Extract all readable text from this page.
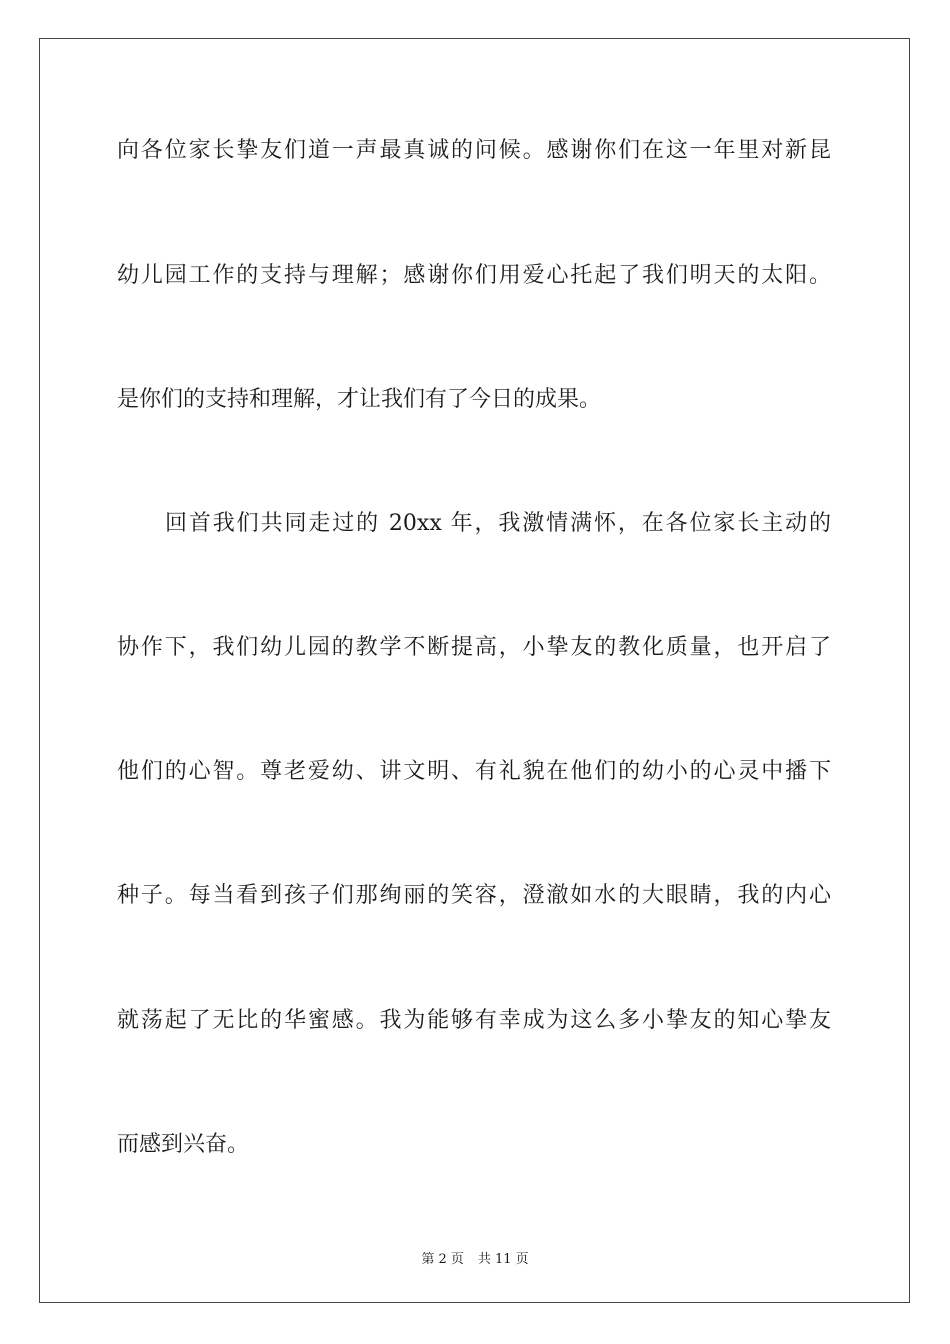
向各位家长挚友们道一声最真诚的问候。感谢你们在这一年里对新昆

幼儿园工作的支持与理解；感谢你们用爱心托起了我们明天的太阳。

是你们的支持和理解，才让我们有了今日的成果。

回首我们共同走过的 20xx 年，我激情满怀，在各位家长主动的

协作下，我们幼儿园的教学不断提高，小挚友的教化质量，也开启了

他们的心智。尊老爱幼、讲文明、有礼貌在他们的幼小的心灵中播下

种子。每当看到孩子们那绚丽的笑容，澄澈如水的大眼睛，我的内心

就荡起了无比的华蜜感。我为能够有幸成为这么多小挚友的知心挚友

而感到兴奋。

第 2 页 共 11 页
